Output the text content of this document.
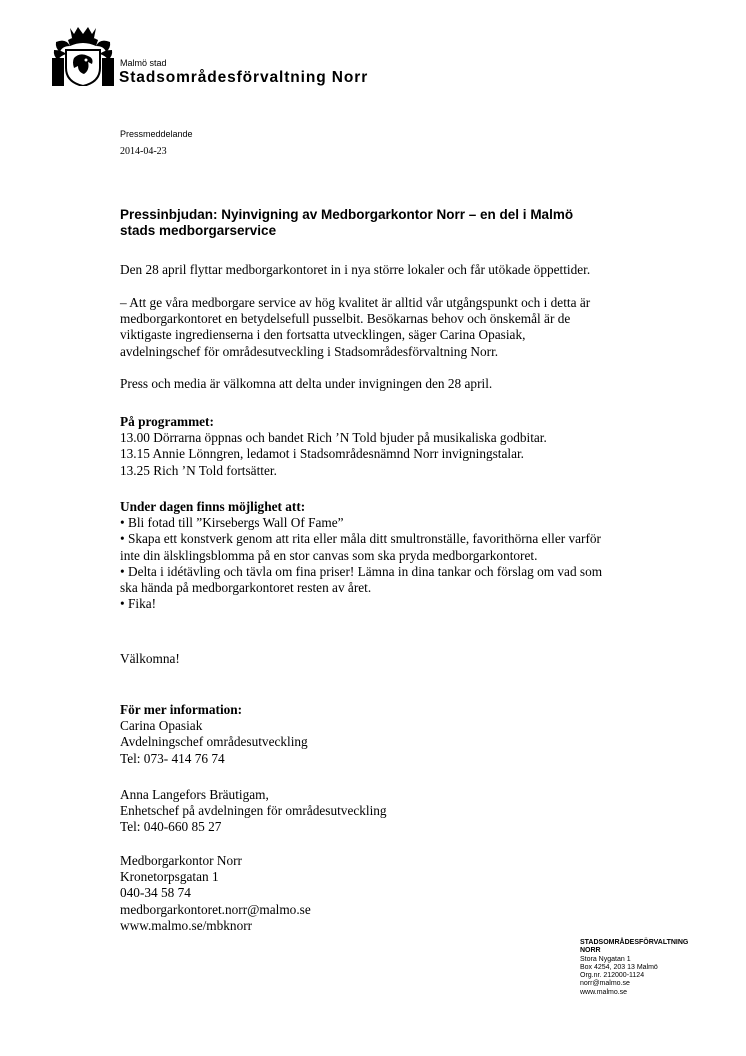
Malmö stad
Stadsområdesförvaltning Norr
Pressmeddelande
2014-04-23
Pressinbjudan: Nyinvigning av Medborgarkontor Norr – en del i Malmö
stads medborgarservice
Den 28 april flyttar medborgarkontoret in i nya större lokaler och får utökade öppettider.
– Att ge våra medborgare service av hög kvalitet är alltid vår utgångspunkt och i detta är
medborgarkontoret en betydelsefull pusselbit. Besökarnas behov och önskemål är de
viktigaste ingredienserna i den fortsatta utvecklingen, säger Carina Opasiak,
avdelningschef för områdesutveckling i Stadsområdesförvaltning Norr.
Press och media är välkomna att delta under invigningen den 28 april.
På programmet:
13.00 Dörrarna öppnas och bandet Rich ’N Told bjuder på musikaliska godbitar.
13.15 Annie Lönngren, ledamot i Stadsområdesnämnd Norr invigningstalar.
13.25 Rich ’N Told fortsätter.
Under dagen finns möjlighet att:
• Bli fotad till ”Kirsebergs Wall Of Fame”
• Skapa ett konstverk genom att rita eller måla ditt smultronställe, favorithörna eller varför
inte din älsklingsblomma på en stor canvas som ska pryda medborgarkontoret.
• Delta i idétävling och tävla om fina priser! Lämna in dina tankar och förslag om vad som
ska hända på medborgarkontoret resten av året.
• Fika!
Välkomna!
För mer information:
Carina Opasiak
Avdelningschef områdesutveckling
Tel: 073- 414 76 74
Anna Langefors Bräutigam,
Enhetschef på avdelningen för områdesutveckling
Tel: 040-660 85 27
Medborgarkontor Norr
Kronetorpsgatan 1
040-34 58 74
medborgarkontoret.norr@malmo.se
www.malmo.se/mbknorr
STADSOMRÅDESFÖRVALTNING
NORR
Stora Nygatan 1
Box 4254, 203 13 Malmö
Org.nr. 212000-1124
norr@malmo.se
www.malmo.se
